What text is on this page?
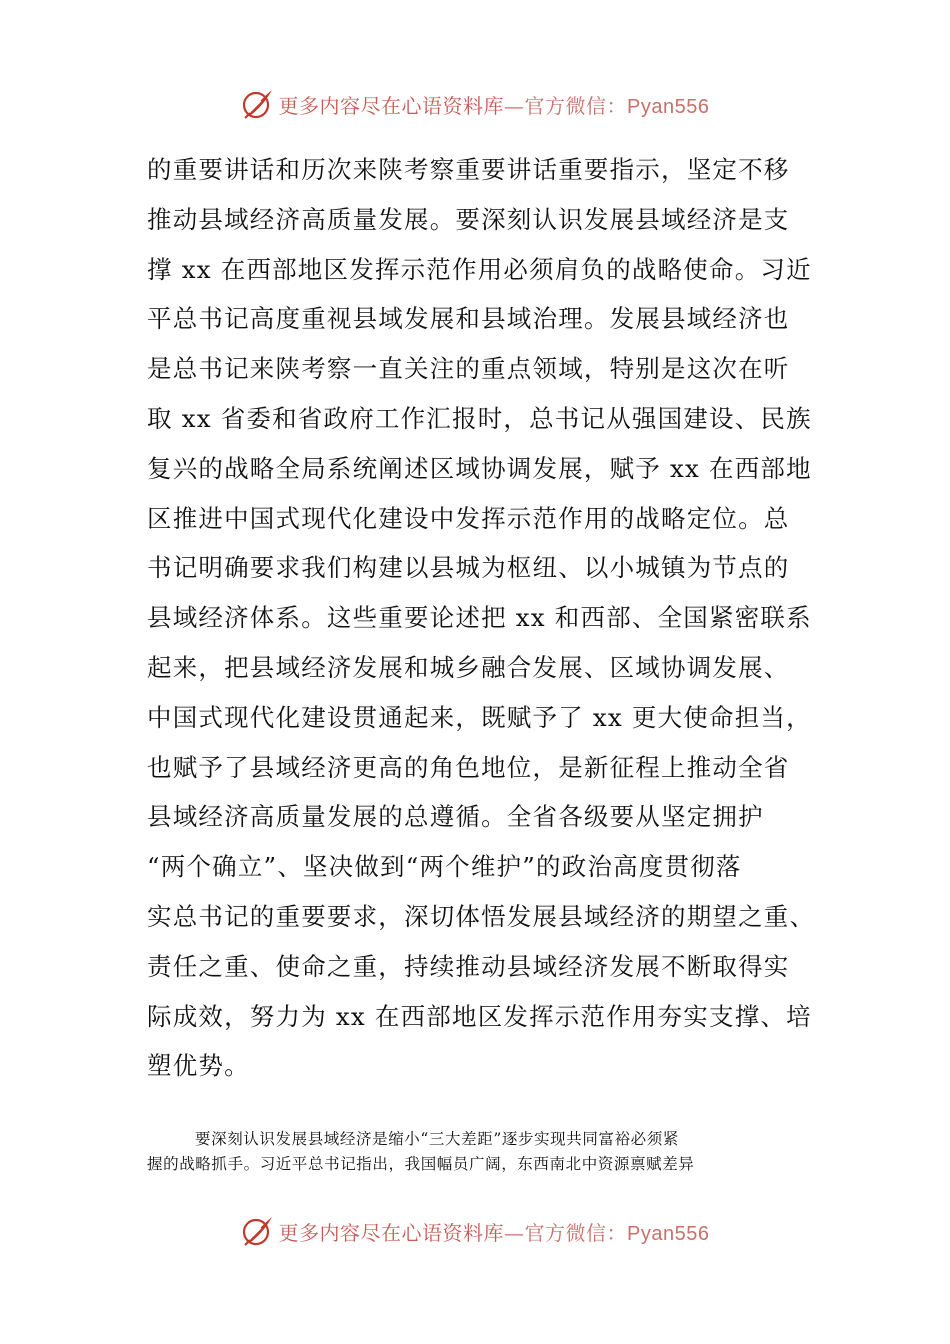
更多内容尽在心语资料库—官方微信：Pyan556
的重要讲话和历次来陕考察重要讲话重要指示，坚定不移
推动县域经济高质量发展。要深刻认识发展县域经济是支
撑 xx 在西部地区发挥示范作用必须肩负的战略使命。习近
平总书记高度重视县域发展和县域治理。发展县域经济也
是总书记来陕考察一直关注的重点领域，特别是这次在听
取 xx 省委和省政府工作汇报时，总书记从强国建设、民族
复兴的战略全局系统阐述区域协调发展，赋予 xx 在西部地
区推进中国式现代化建设中发挥示范作用的战略定位。总
书记明确要求我们构建以县城为枢纽、以小城镇为节点的
县域经济体系。这些重要论述把 xx 和西部、全国紧密联系
起来，把县域经济发展和城乡融合发展、区域协调发展、
中国式现代化建设贯通起来，既赋予了 xx 更大使命担当，
也赋予了县域经济更高的角色地位，是新征程上推动全省
县域经济高质量发展的总遵循。全省各级要从坚定拥护
“两个确立”、坚决做到“两个维护”的政治高度贯彻落
实总书记的重要要求，深切体悟发展县域经济的期望之重、
责任之重、使命之重，持续推动县域经济发展不断取得实
际成效，努力为 xx 在西部地区发挥示范作用夯实支撑、培
塑优势。
要深刻认识发展县域经济是缩小“三大差距”逐步实现共同富裕必须紧
握的战略抓手。习近平总书记指出，我国幅员广阔，东西南北中资源禀赋差异
更多内容尽在心语资料库—官方微信：Pyan556
